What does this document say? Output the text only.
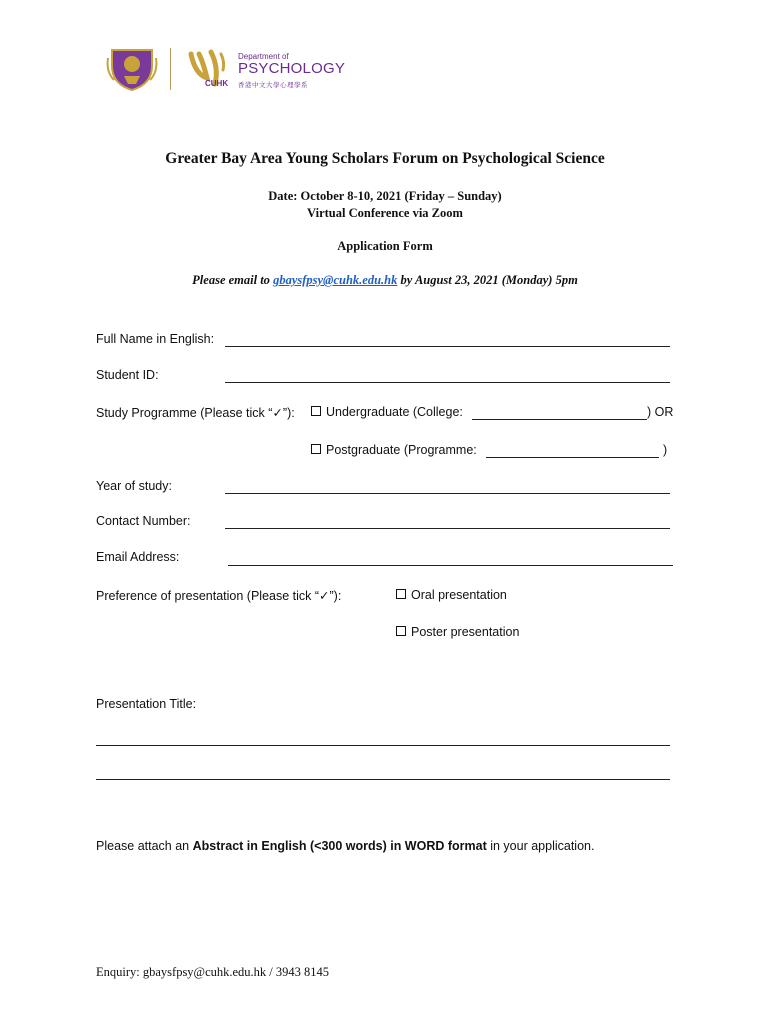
CUHK
Department of
PSYCHOLOGY
香港中文大學心理學系
Greater Bay Area Young Scholars Forum on Psychological Science
Date: October 8-10, 2021 (Friday – Sunday)
Virtual Conference via Zoom
Application Form
Please email to gbaysfpsy@cuhk.edu.hk by August 23, 2021 (Monday) 5pm
Full Name in English:
Student ID:
Study Programme (Please tick “✓”):	Undergraduate (College:	) OR
Postgraduate (Programme:	)
Year of study:
Contact Number:
Email Address:
Preference of presentation (Please tick “✓”):	Oral presentation
Poster presentation
Presentation Title:
Please attach an Abstract in English (<300 words) in WORD format in your application.
Enquiry: gbaysfpsy@cuhk.edu.hk / 3943 8145
